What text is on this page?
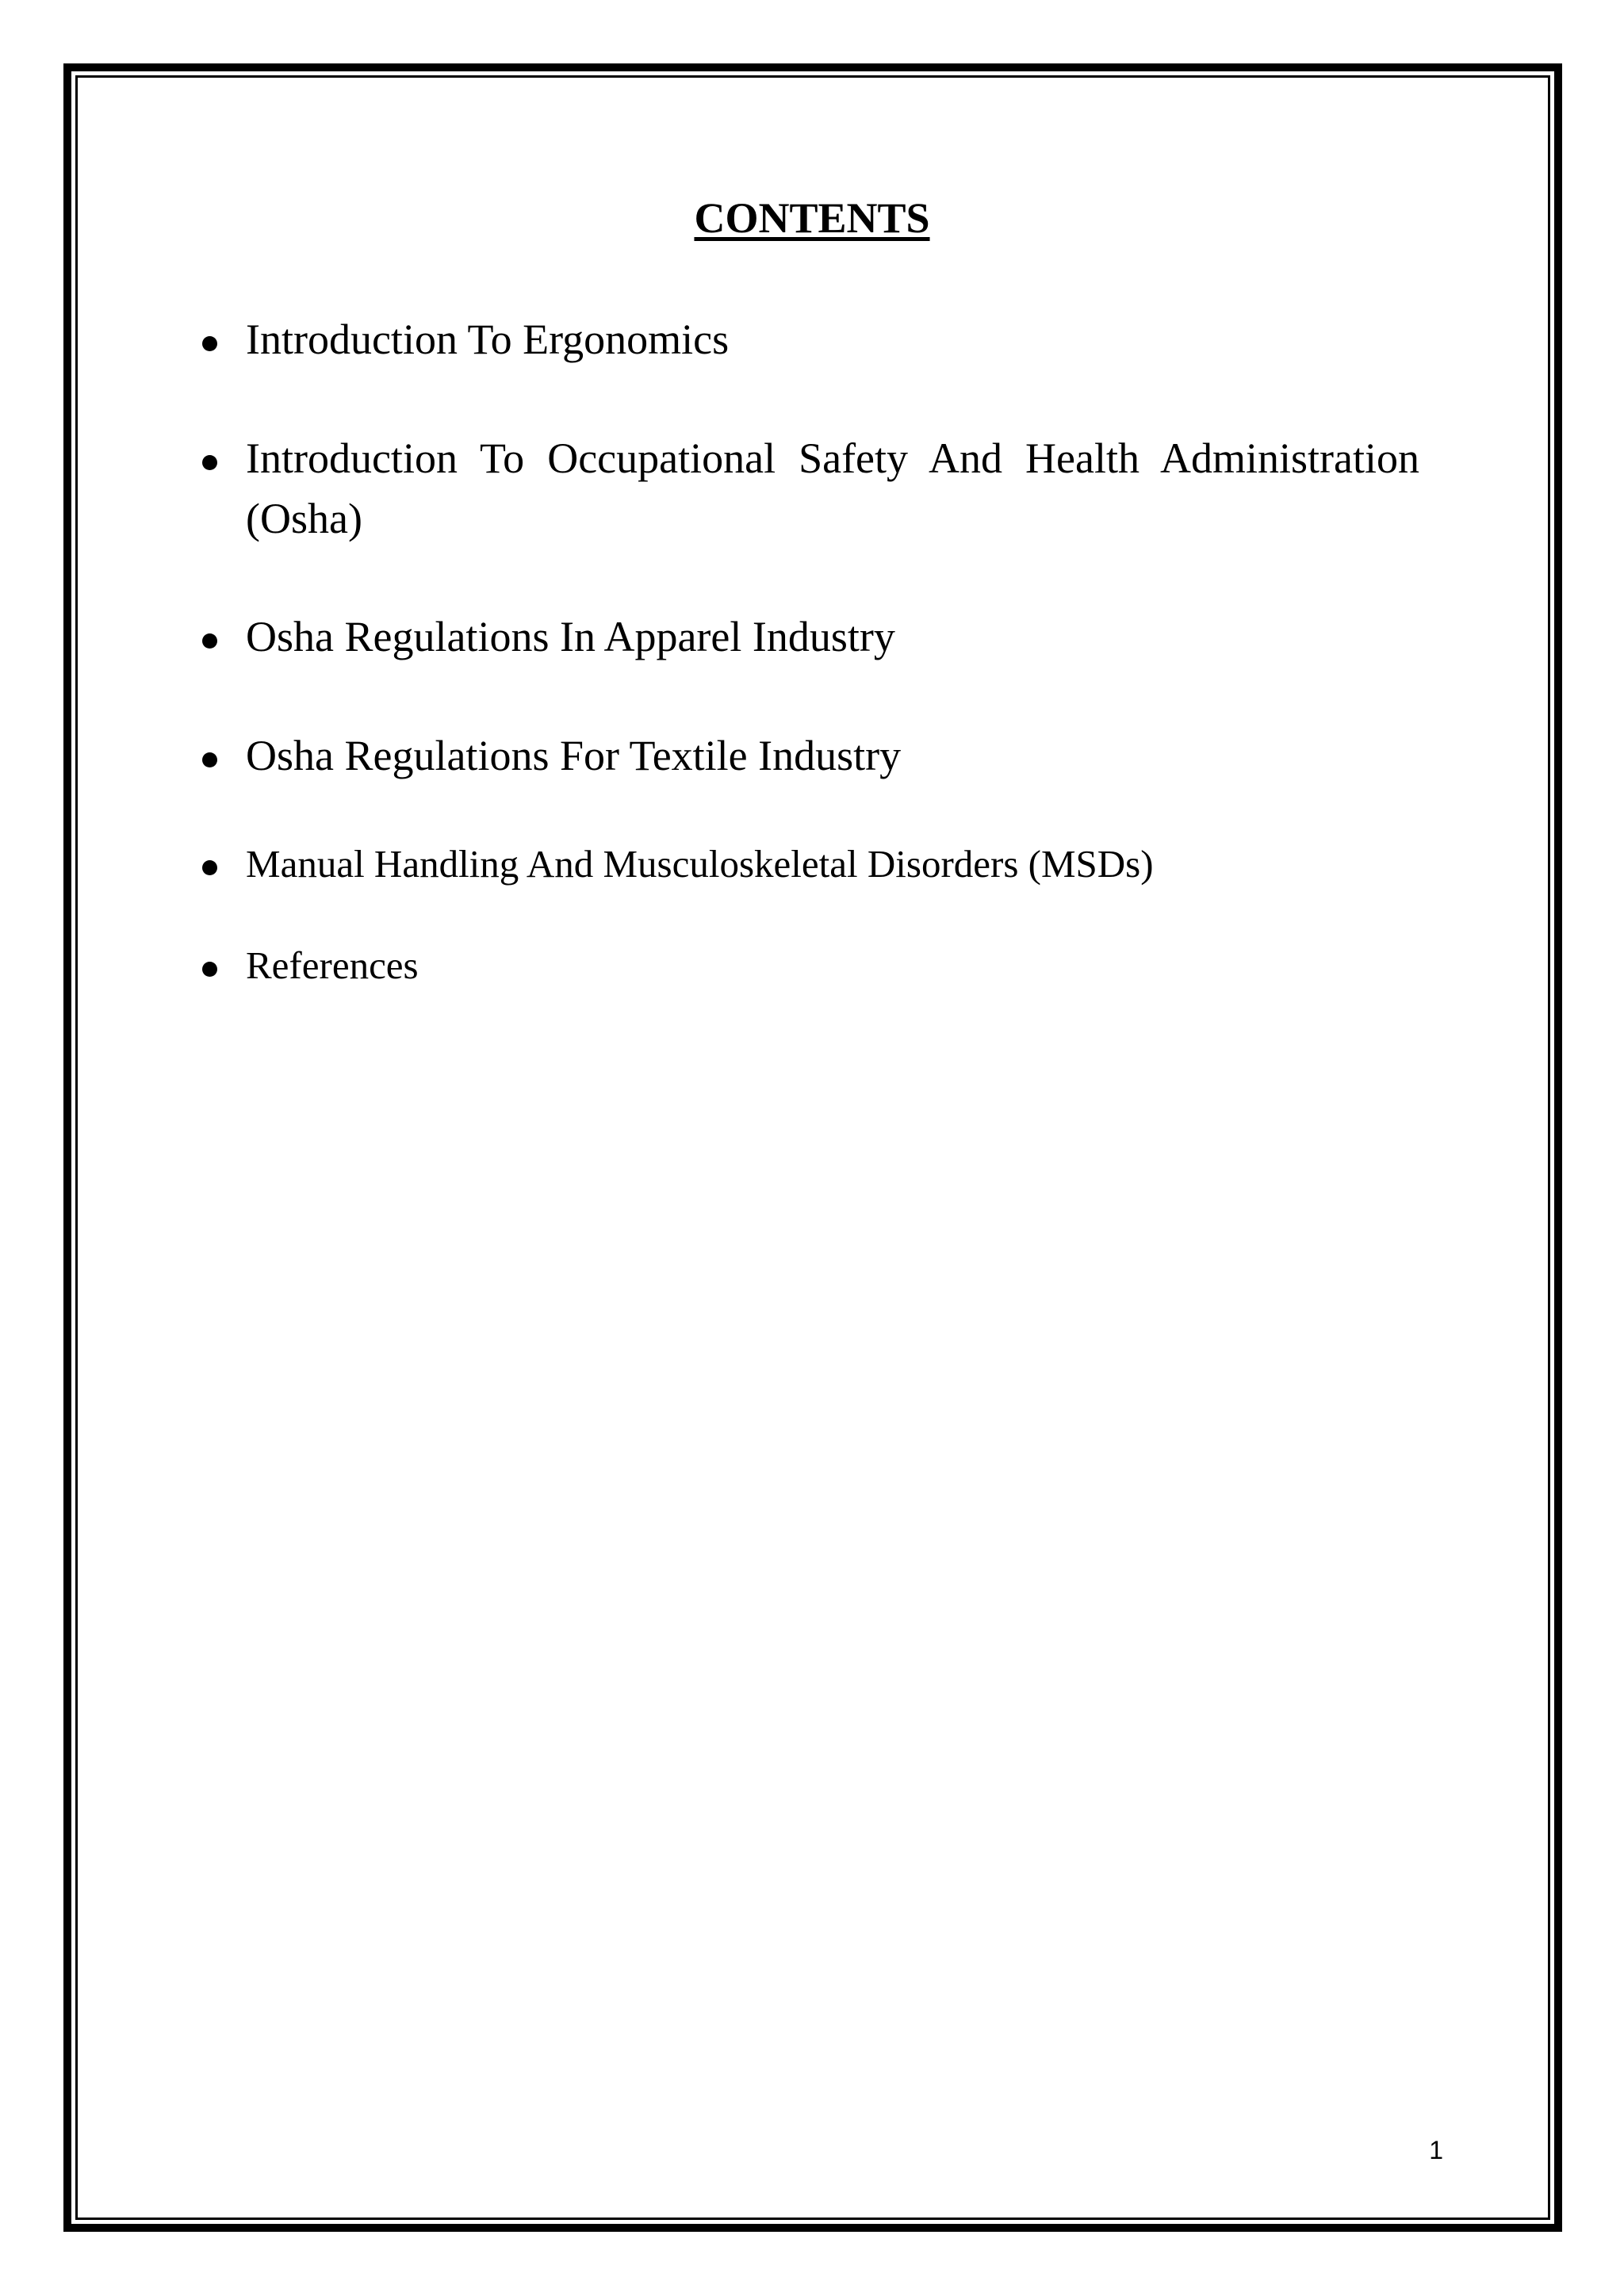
CONTENTS
Introduction To Ergonomics
Introduction To Occupational Safety And Health Administration (Osha)
Osha Regulations In Apparel Industry
Osha Regulations For Textile Industry
Manual Handling And Musculoskeletal Disorders (MSDs)
References
1
